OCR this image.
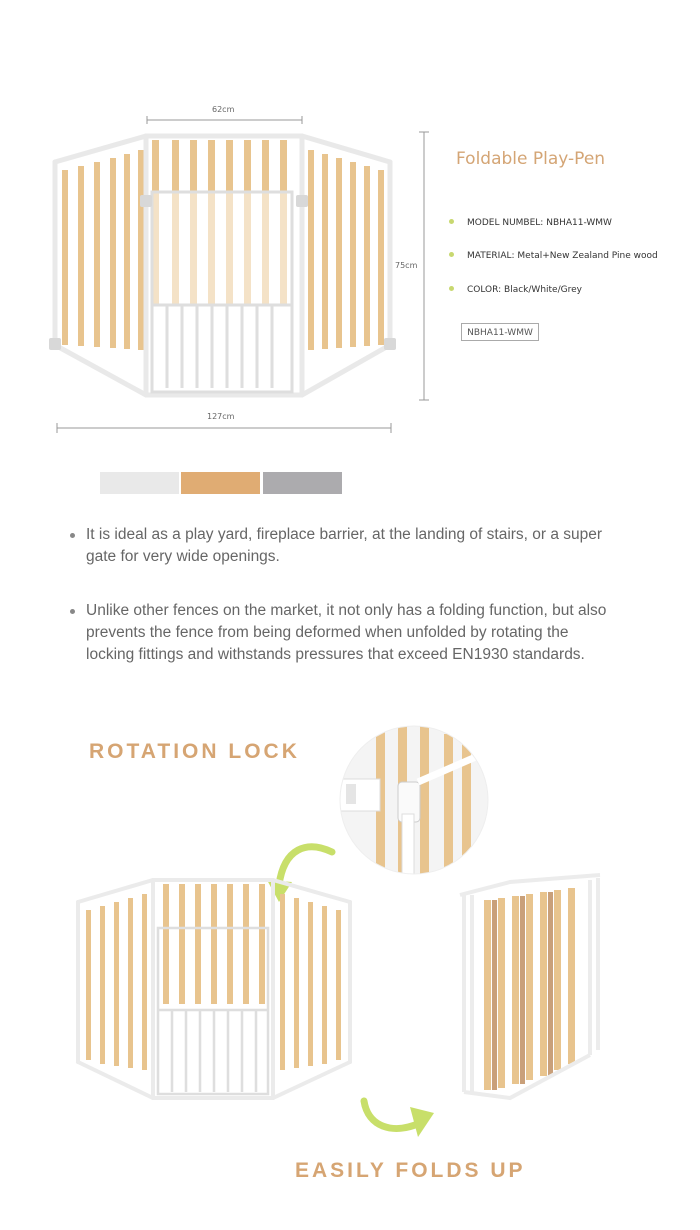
62cm
75cm
127cm
Foldable Play-Pen
MODEL NUMBEL: NBHA11-WMW
MATERIAL: Metal+New Zealand Pine wood
COLOR: Black/White/Grey
NBHA11-WMW
It is ideal as a play yard, fireplace barrier, at the landing of stairs, or a super gate for very wide openings.
Unlike other fences on the market, it not only has a folding function, but also prevents the fence from being deformed when unfolded by rotating the locking fittings and withstands pressures that exceed EN1930 standards.
ROTATION LOCK
EASILY FOLDS UP
